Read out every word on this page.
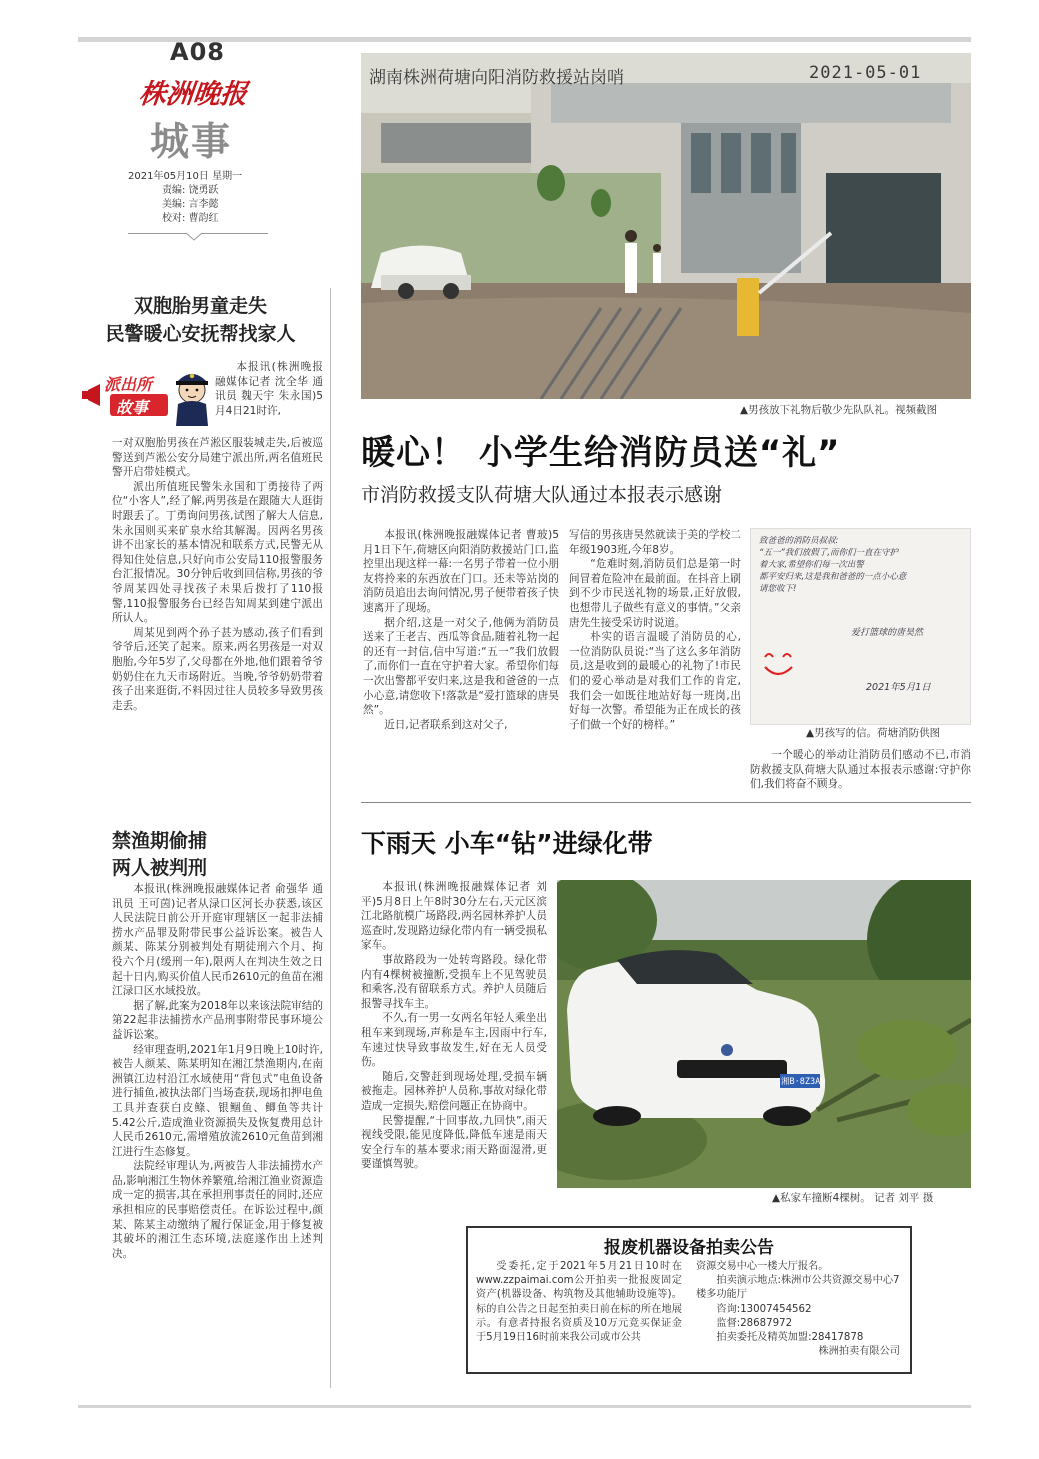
A08
株洲晚报
城事
2021年05月10日 星期一
责编: 饶勇跃
美编: 言李懿
校对: 曹韵红
双胞胎男童走失
民警暖心安抚帮找家人
派出所
故事
本报讯(株洲晚报融媒体记者 沈全华 通讯员 魏天宇 朱永国)5月4日21时许,

一对双胞胎男孩在芦淞区服装城走失,后被巡警送到芦淞公安分局建宁派出所,两名值班民警开启带娃模式。

派出所值班民警朱永国和丁勇接待了两位“小客人”,经了解,两男孩是在跟随大人逛街时跟丢了。丁勇询问男孩,试图了解大人信息,朱永国则买来矿泉水给其解渴。因两名男孩讲不出家长的基本情况和联系方式,民警无从得知住处信息,只好向市公安局110报警服务台汇报情况。30分钟后收到回信称,男孩的爷爷周某四处寻找孩子未果后拨打了110报警,110报警服务台已经告知周某到建宁派出所认人。

周某见到两个孙子甚为感动,孩子们看到爷爷后,还笑了起来。原来,两名男孩是一对双胞胎,今年5岁了,父母都在外地,他们跟着爷爷奶奶住在九天市场附近。当晚,爷爷奶奶带着孩子出来逛街,不料因过往人员较多导致男孩走丢。

禁渔期偷捕
两人被判刑

本报讯(株洲晚报融媒体记者 俞强华 通讯员 王可茵)记者从渌口区河长办获悉,该区人民法院日前公开开庭审理辖区一起非法捕捞水产品罪及附带民事公益诉讼案。被告人颜某、陈某分别被判处有期徒刑六个月、拘役六个月(缓刑一年),限两人在判决生效之日起十日内,购买价值人民币2610元的鱼苗在湘江渌口区水域投放。

据了解,此案为2018年以来该法院审结的第22起非法捕捞水产品刑事附带民事环境公益诉讼案。

经审理查明,2021年1月9日晚上10时许,被告人颜某、陈某明知在湘江禁渔期内,在南洲镇江边村沿江水域使用“背包式”电鱼设备进行捕鱼,被执法部门当场查获,现场扣押电鱼工具并查获白皮鲦、银鲴鱼、鲫鱼等共计5.42公斤,造成渔业资源损失及恢复费用总计人民币2610元,需增殖放流2610元鱼苗到湘江进行生态修复。

法院经审理认为,两被告人非法捕捞水产品,影响湘江生物休养繁殖,给湘江渔业资源造成一定的损害,其在承担刑事责任的同时,还应承担相应的民事赔偿责任。在诉讼过程中,颜某、陈某主动缴纳了履行保证金,用于修复被其破坏的湘江生态环境,法庭遂作出上述判决。

湖南株洲荷塘向阳消防救援站岗哨	2021-05-01
▲男孩放下礼物后敬少先队队礼。视频截图
暖心！ 小学生给消防员送“礼”
市消防救援支队荷塘大队通过本报表示感谢

本报讯(株洲晚报融媒体记者 曹玻)5月1日下午,荷塘区向阳消防救援站门口,监控里出现这样一幕:一名男子带着一位小朋友将拎来的东西放在门口。还未等站岗的消防员追出去询问情况,男子便带着孩子快速离开了现场。

据介绍,这是一对父子,他俩为消防员送来了王老吉、西瓜等食品,随着礼物一起的还有一封信,信中写道:“五一”我们放假了,而你们一直在守护着大家。希望你们每一次出警都平安归来,这是我和爸爸的一点小心意,请您收下!落款是“爱打篮球的唐昊然”。

近日,记者联系到这对父子,

写信的男孩唐昊然就读于美的学校二年级1903班,今年8岁。

“危难时刻,消防员们总是第一时间冒着危险冲在最前面。在抖音上刷到不少市民送礼物的场景,正好放假,也想带儿子做些有意义的事情。”父亲唐先生接受采访时说道。

朴实的语言温暖了消防员的心,一位消防队员说:“当了这么多年消防员,这是收到的最暖心的礼物了!市民们的爱心举动是对我们工作的肯定,我们会一如既往地站好每一班岗,出好每一次警。希望能为正在成长的孩子们做一个好的榜样。”

致爸爸的消防员叔叔:
“五一”我们放假了,而你们一直在守护
着大家,希望你们每一次出警
都平安归来,这是我和爸爸的一点小心意
请您收下!
爱打篮球的唐昊然
2021年5月1日
▲男孩写的信。荷塘消防供图

一个暖心的举动让消防员们感动不已,市消防救援支队荷塘大队通过本报表示感谢:守护你们,我们将奋不顾身。

下雨天 小车“钻”进绿化带

本报讯(株洲晚报融媒体记者 刘平)5月8日上午8时30分左右,天元区滨江北路航模广场路段,两名园林养护人员巡查时,发现路边绿化带内有一辆受损私家车。

事故路段为一处转弯路段。绿化带内有4棵树被撞断,受损车上不见驾驶员和乘客,没有留联系方式。养护人员随后报警寻找车主。

不久,有一男一女两名年轻人乘坐出租车来到现场,声称是车主,因雨中行车,车速过快导致事故发生,好在无人员受伤。

随后,交警赶到现场处理,受损车辆被拖走。园林养护人员称,事故对绿化带造成一定损失,赔偿问题正在协商中。

民警提醒,“十回事故,九回快”,雨天视线受限,能见度降低,降低车速是雨天安全行车的基本要求;雨天路面湿滑,更要谨慎驾驶。

湘B·8Z3A9
▲私家车撞断4棵树。 记者 刘平 摄
报废机器设备拍卖公告
受委托,定于2021年5月21日10时在www.zzpaimai.com公开拍卖一批报废固定资产(机器设备、构筑物及其他辅助设施等)。标的自公告之日起至拍卖日前在标的所在地展示。有意者持报名资质及10万元竞买保证金于5月19日16时前来我公司或市公共
资源交易中心一楼大厅报名。
拍卖演示地点:株洲市公共资源交易中心7楼多功能厅
咨询:13007454562
监督:28687972
拍卖委托及精英加盟:28417878
株洲拍卖有限公司
